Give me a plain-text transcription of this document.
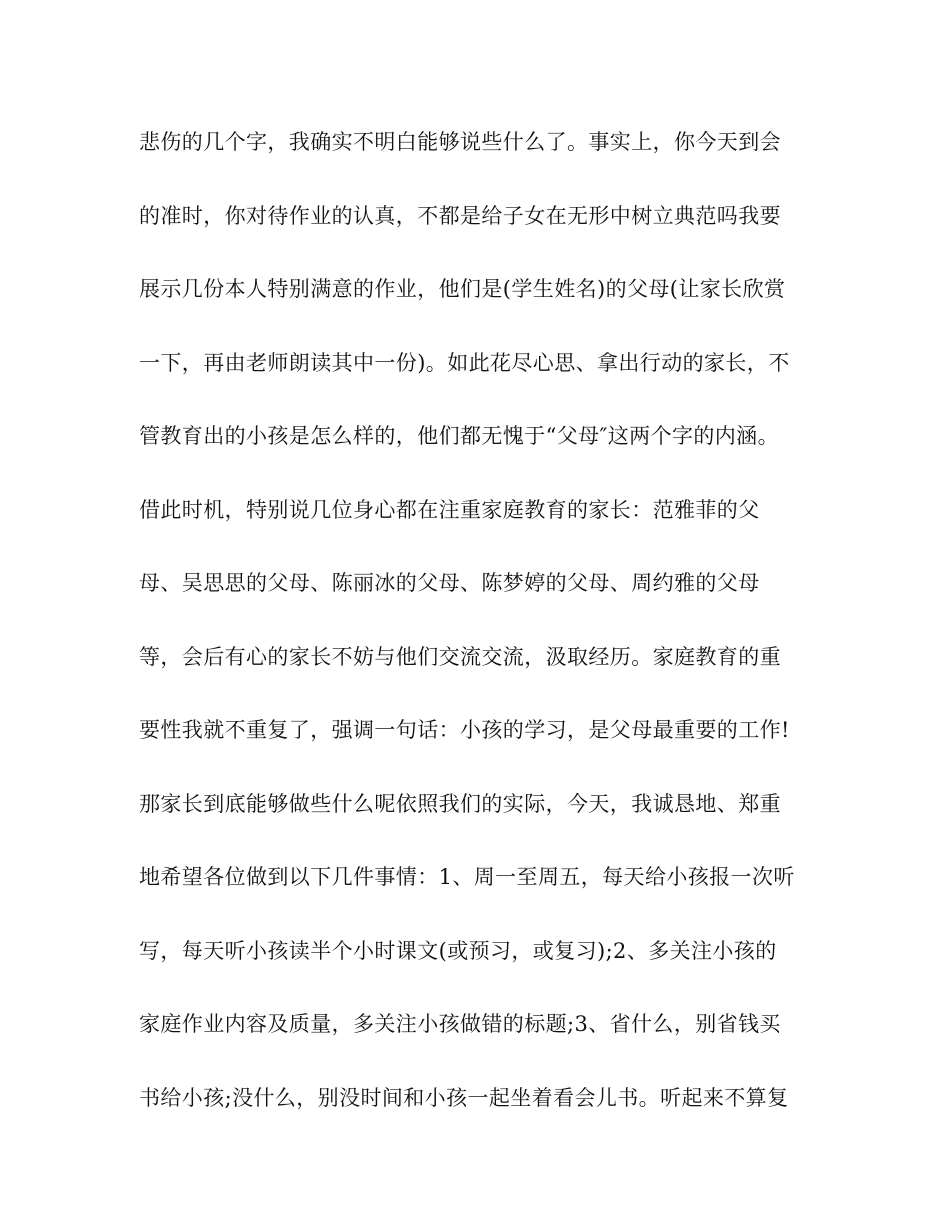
悲伤的几个字，我确实不明白能够说些什么了。事实上，你今天到会
的准时，你对待作业的认真，不都是给子女在无形中树立典范吗我要
展示几份本人特别满意的作业，他们是(学生姓名)的父母(让家长欣赏
一下，再由老师朗读其中一份)。如此花尽心思、拿出行动的家长，不
管教育出的小孩是怎么样的，他们都无愧于“父母″这两个字的内涵。
借此时机，特别说几位身心都在注重家庭教育的家长：范雅菲的父
母、吴思思的父母、陈丽冰的父母、陈梦婷的父母、周约雅的父母
等，会后有心的家长不妨与他们交流交流，汲取经历。家庭教育的重
要性我就不重复了，强调一句话：小孩的学习，是父母最重要的工作!
那家长到底能够做些什么呢依照我们的实际，今天，我诚恳地、郑重
地希望各位做到以下几件事情：1、周一至周五，每天给小孩报一次听
写，每天听小孩读半个小时课文(或预习，或复习);2、多关注小孩的
家庭作业内容及质量，多关注小孩做错的标题;3、省什么，别省钱买
书给小孩;没什么，别没时间和小孩一起坐着看会儿书。听起来不算复
